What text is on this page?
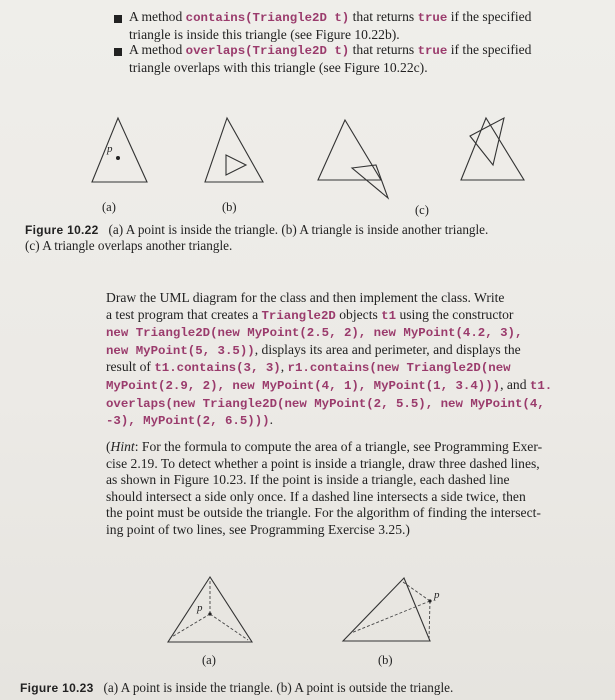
A method contains(Triangle2D t) that returns true if the specified
triangle is inside this triangle (see Figure 10.22b).
A method overlaps(Triangle2D t) that returns true if the specified
triangle overlaps with this triangle (see Figure 10.22c).
p
(a)	(b)	(c)
Figure 10.22 (a) A point is inside the triangle. (b) A triangle is inside another triangle.
(c) A triangle overlaps another triangle.
Draw the UML diagram for the class and then implement the class. Write
a test program that creates a Triangle2D objects t1 using the constructor
new Triangle2D(new MyPoint(2.5, 2), new MyPoint(4.2, 3),
new MyPoint(5, 3.5)), displays its area and perimeter, and displays the
result of t1.contains(3, 3), r1.contains(new Triangle2D(new
MyPoint(2.9, 2), new MyPoint(4, 1), MyPoint(1, 3.4))), and t1.
overlaps(new Triangle2D(new MyPoint(2, 5.5), new MyPoint(4,
-3), MyPoint(2, 6.5))).
(Hint: For the formula to compute the area of a triangle, see Programming Exer-
cise 2.19. To detect whether a point is inside a triangle, draw three dashed lines,
as shown in Figure 10.23. If the point is inside a triangle, each dashed line
should intersect a side only once. If a dashed line intersects a side twice, then
the point must be outside the triangle. For the algorithm of finding the intersect-
ing point of two lines, see Programming Exercise 3.25.)
p
p
(a)	(b)
Figure 10.23 (a) A point is inside the triangle. (b) A point is outside the triangle.
